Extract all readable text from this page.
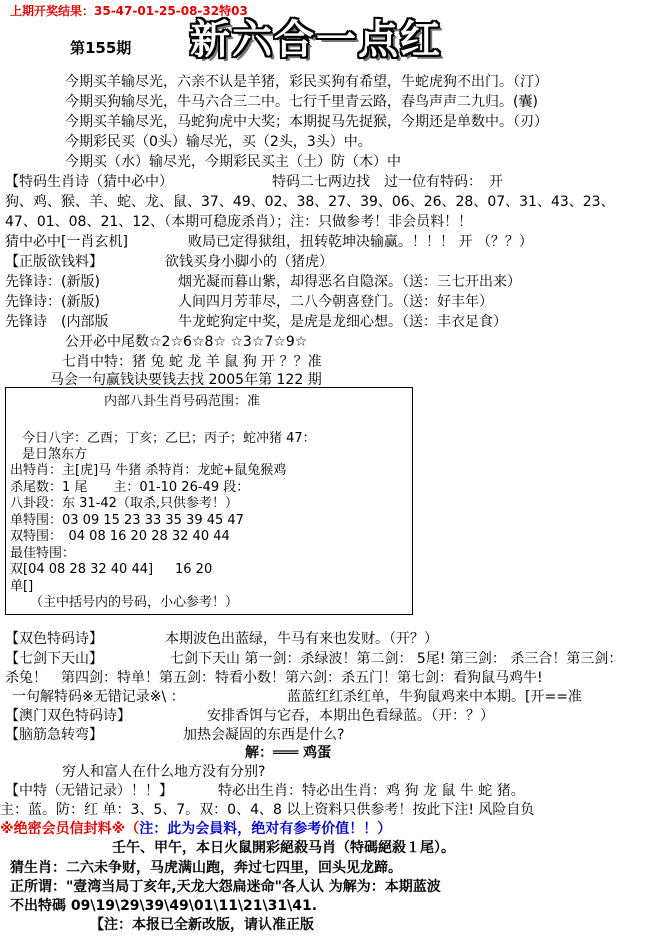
上期开奖结果：35-47-01-25-08-32特03
第155期 新六合一点红
今期买羊输尽光，六亲不认是羊猪，彩民买狗有希望，牛蛇虎狗不出门。（汀）
今期买狗输尽光，牛马六合三二中。七行千里青云路，春鸟声声二九归。(囊)
今期买羊输尽光，马蛇狗虎中大奖；本期捉马先捉猴，今期还是单数中。（刃）
今期彩民买（0头）输尽光，买（2头，3头）中。
今期买（水）输尽光，今期彩民买主（土）防（木）中
【特码生肖诗（猜中必中）	特码二七两边找　过一位有特码：　开
狗、鸡、猴、羊、蛇、龙、鼠、37、49、02、38、27、39、06、26、28、07、31、43、23、
47、01、08、21、12、（本期可稳庞杀肖）；注：只做参考！非会员料！！
猜中必中[一肖玄机]	败局已定得狱组，扭转乾坤决输赢。！！！ 开 （？？）
【正版欲钱料】	欲钱买身小脚小的（猪虎）
先锋诗：(新版)	烟光凝而暮山紫，却得恶名自隐深。（送：三七开出来）
先锋诗：(新版)	人间四月芳菲尽，二八今朝喜登门。（送：好丰年）
先锋诗　(内部版	牛龙蛇狗定中奖，是虎是龙细心想。（送：丰衣足食）
公开必中尾数☆2☆6☆8☆ ☆3☆7☆9☆
七肖中特：猪 兔 蛇 龙 羊 鼠 狗 开 ？？准
马会一句赢钱诀要钱去找 2005年第 122 期
内部八卦生肖号码范围：准
今日八字：乙酉；丁亥；乙巳；丙子；蛇冲猪 47：
是日煞东方
出特肖：主[虎]马 牛猪 杀特肖：龙蛇+鼠兔猴鸡
杀尾数：1 尾　　主：01-10 26-49 段：
八卦段：东 31-42（取杀,只供参考！）
单特围：03 09 15 23 33 35 39 45 47
双特围：　04 08 16 20 28 32 40 44
最佳特围：
双[04 08 28 32 40 44] 16 20
单[]
（主中括号内的号码，小心参考！）
【双色特码诗】	本期波色出蓝绿，牛马有来也发财。（开？）
【七剑下天山】	七剑下天山 第一剑：杀绿波！第二剑： 5尾! 第三剑： 杀三合！第三剑：
杀兔！　第四剑：特单！第五剑：特看小数！第六剑：杀五门！第七剑：看狗鼠马鸡牛!
一句解特码※无错记录※\ ：	蓝蓝红红杀红单，牛狗鼠鸡来中本期。[开==准
【澳门双色特码诗】	安排香饵与它吞，本期出色看绿蓝。（开：？）
【脑筋急转弯】	加热会凝固的东西是什么?
解：═══ 鸡蛋
穷人和富人在什么地方没有分别?
【中特（无错记录）！！】	特必出生肖：特必出生肖：鸡 狗 龙 鼠 牛 蛇 猪。
主：蓝。防：红 单：3、5、7。双：0、4、8 以上资料只供参考！按此下注! 风险自负
※绝密会员信封料※（注：此为会員料，绝对有参考价值！！）
壬午、甲午，本日火鼠開彩絕殺马肖（特碼絕殺１尾）。
猜生肖：二六未争财，马虎满山跑，奔过七四里，回头见龙蹄。
正所谓："壹湾当局丁亥年,天龙大怨扁迷命"各人认 为解为：本期蓝波
不出特碼 09\19\29\39\49\01\11\21\31\41.
【注：本报已全新改版，请认准正版
